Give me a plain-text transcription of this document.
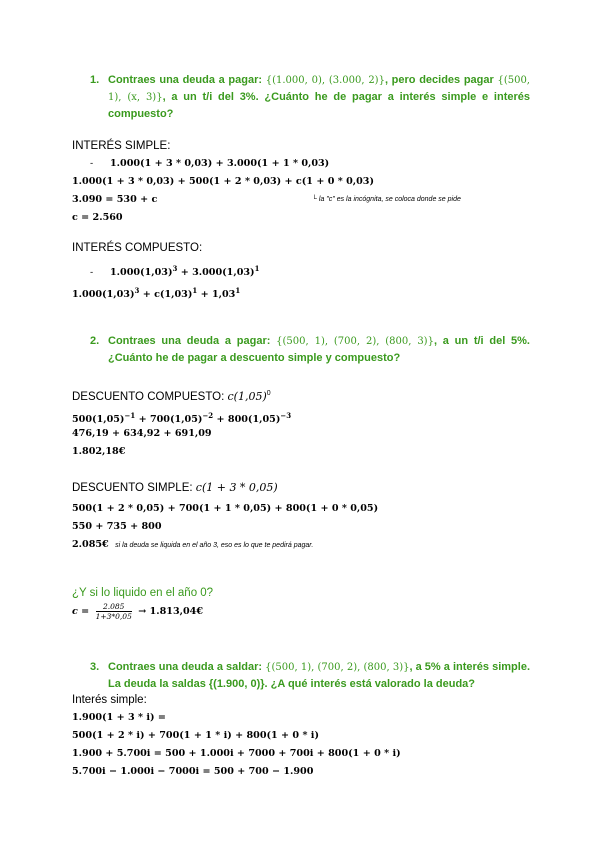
1. Contraes una deuda a pagar: {(1.000, 0), (3.000, 2)}, pero decides pagar {(500, 1), (x, 3)}, a un t/i del 3%. ¿Cuánto he de pagar a interés simple e interés compuesto?
INTERÉS SIMPLE:
- 1.000(1 + 3 * 0,03) + 3.000(1 + 1 * 0,03)
1.000(1 + 3 * 0,03) + 500(1 + 2 * 0,03) + c(1 + 0 * 0,03)
3.090 = 530 + c	└ la "c" es la incógnita, se coloca donde se pide
c = 2.560
INTERÉS COMPUESTO:
- $1.000(1,03)^3 + 3.000(1,03)^1$
$1.000(1,03)^3 + c(1,03)^1 + 1,03^1$
2. Contraes una deuda a pagar: {(500, 1), (700, 2), (800, 3)}, a un t/i del 5%. ¿Cuánto he de pagar a descuento simple y compuesto?
DESCUENTO COMPUESTO: $c(1,05)^0$
$500(1,05)^{-1} + 700(1,05)^{-2} + 800(1,05)^{-3}$
476,19 + 634,92 + 691,09
1.802,18€
DESCUENTO SIMPLE: c(1 + 3 * 0,05)
500(1 + 2 * 0,05) + 700(1 + 1 * 0,05) + 800(1 + 0 * 0,05)
550 + 735 + 800
2.085€ si la deuda se liquida en el año 3, eso es lo que te pedirá pagar.
¿Y si lo liquido en el año 0?
$c = \frac{2.085}{1+3*0,05}$ → 1.813,04€
3. Contraes una deuda a saldar: {(500, 1), (700, 2), (800, 3)}, a 5% a interés simple. La deuda la saldas {(1.900, 0)}. ¿A qué interés está valorado la deuda?
Interés simple:
1.900(1 + 3 * i) =
500(1 + 2 * i) + 700(1 + 1 * i) + 800(1 + 0 * i)
1.900 + 5.700i = 500 + 1.000i + 7000 + 700i + 800(1 + 0 * i)
5.700i − 1.000i − 7000i = 500 + 700 − 1.900
